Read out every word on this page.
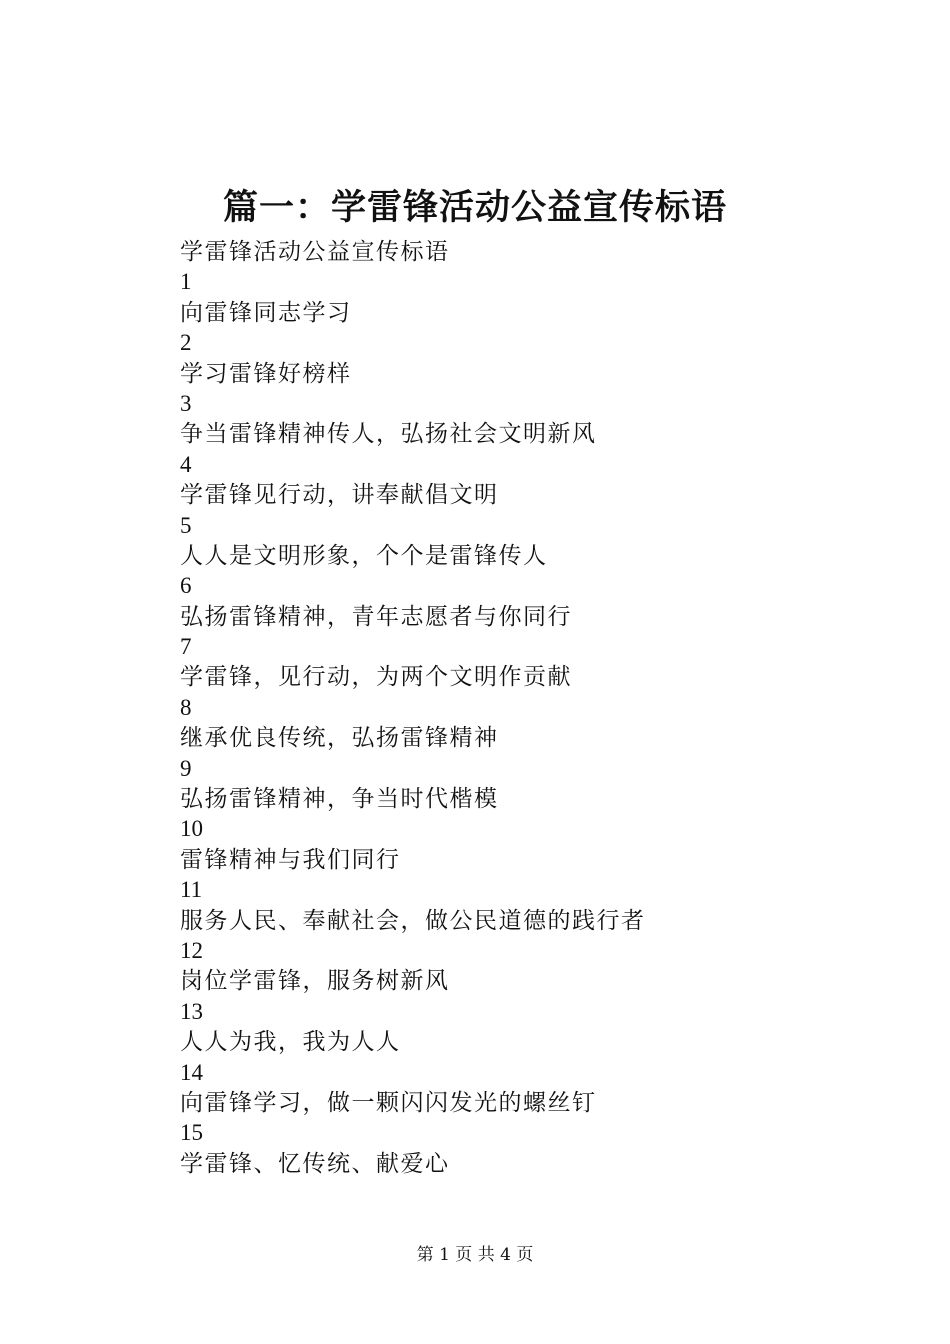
篇一：学雷锋活动公益宣传标语
学雷锋活动公益宣传标语
1
向雷锋同志学习
2
学习雷锋好榜样
3
争当雷锋精神传人，弘扬社会文明新风
4
学雷锋见行动，讲奉献倡文明
5
人人是文明形象，个个是雷锋传人
6
弘扬雷锋精神，青年志愿者与你同行
7
学雷锋，见行动，为两个文明作贡献
8
继承优良传统，弘扬雷锋精神
9
弘扬雷锋精神，争当时代楷模
10
雷锋精神与我们同行
11
服务人民、奉献社会，做公民道德的践行者
12
岗位学雷锋，服务树新风
13
人人为我，我为人人
14
向雷锋学习，做一颗闪闪发光的螺丝钉
15
学雷锋、忆传统、献爱心
第 1 页 共 4 页
